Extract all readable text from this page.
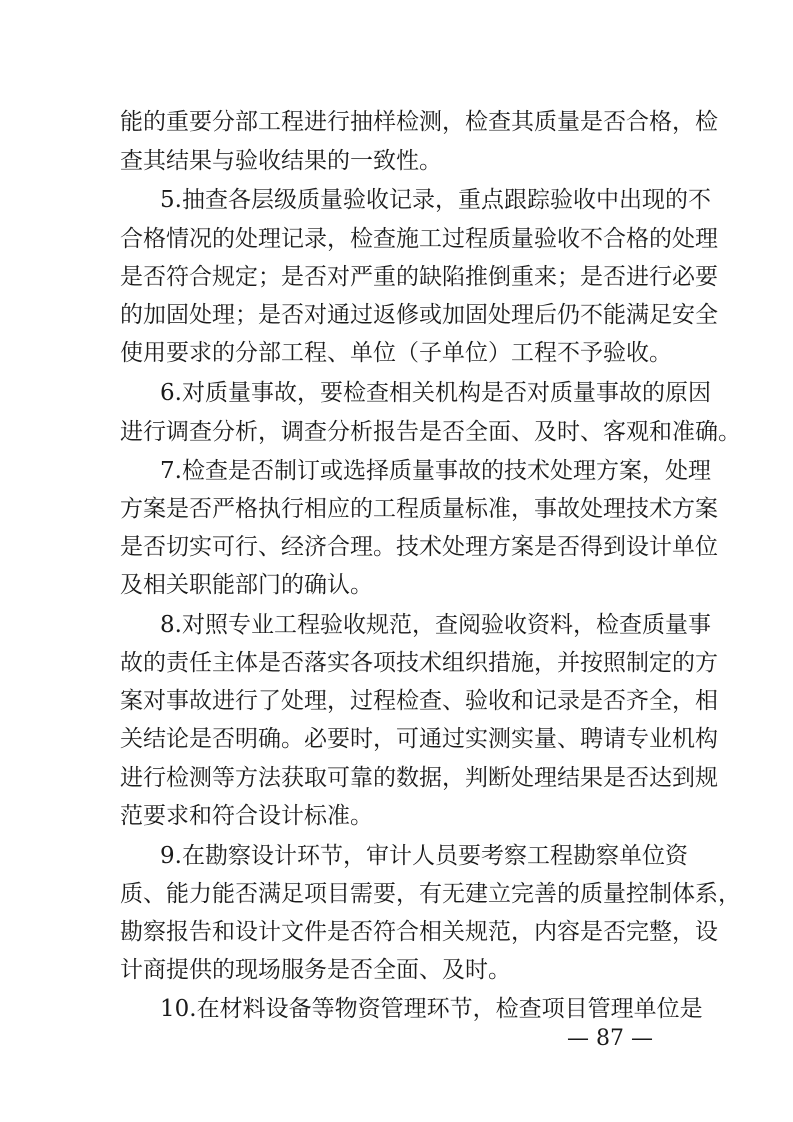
能的重要分部工程进行抽样检测，检查其质量是否合格，检
查其结果与验收结果的一致性。
5.抽查各层级质量验收记录，重点跟踪验收中出现的不
合格情况的处理记录，检查施工过程质量验收不合格的处理
是否符合规定；是否对严重的缺陷推倒重来；是否进行必要
的加固处理；是否对通过返修或加固处理后仍不能满足安全
使用要求的分部工程、单位（子单位）工程不予验收。
6.对质量事故，要检查相关机构是否对质量事故的原因
进行调查分析，调查分析报告是否全面、及时、客观和准确。
7.检查是否制订或选择质量事故的技术处理方案，处理
方案是否严格执行相应的工程质量标准，事故处理技术方案
是否切实可行、经济合理。技术处理方案是否得到设计单位
及相关职能部门的确认。
8.对照专业工程验收规范，查阅验收资料，检查质量事
故的责任主体是否落实各项技术组织措施，并按照制定的方
案对事故进行了处理，过程检查、验收和记录是否齐全，相
关结论是否明确。必要时，可通过实测实量、聘请专业机构
进行检测等方法获取可靠的数据，判断处理结果是否达到规
范要求和符合设计标准。
9.在勘察设计环节，审计人员要考察工程勘察单位资
质、能力能否满足项目需要，有无建立完善的质量控制体系，
勘察报告和设计文件是否符合相关规范，内容是否完整，设
计商提供的现场服务是否全面、及时。
10.在材料设备等物资管理环节，检查项目管理单位是
— 87 —
